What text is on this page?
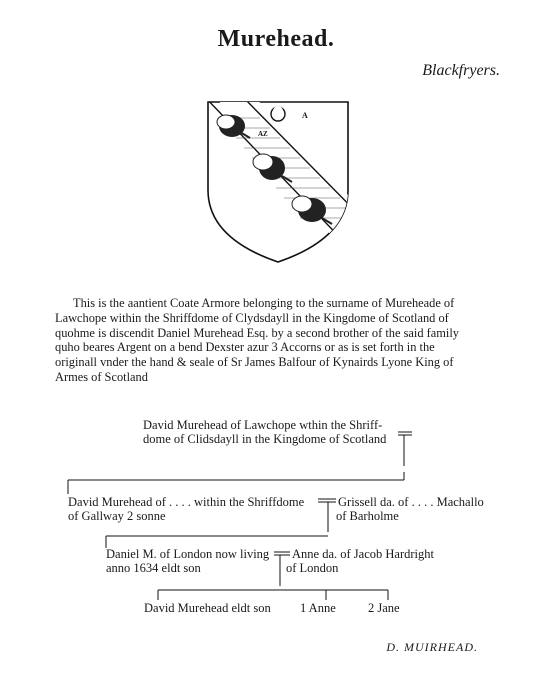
Murehead.
Blackfryers.
A
AZ

This is the aantient Coate Armore belonging to the surname of Mureheade of

Lawchope within the Shriffdome of Clydsdayll in the Kingdome of Scotland of
quohme is discendit Daniel Murehead Esq. by a second brother of the said family
quho beares Argent on a bend Dexster azur 3 Accorns or as is set forth in the
originall vnder the hand & seale of Sr James Balfour of Kynairds Lyone King of
Armes of Scotland
David Murehead of Lawchope wthin the Shriff-
dome of Clidsdayll in the Kingdome of Scotland
David Murehead of . . . . within the Shriffdome
of Gallway 2 sonne
Grissell da. of . . . . Machallo
of Barholme
Daniel M. of London now living
anno 1634 eldt son
Anne da. of Jacob Hardright
of London
David Murehead eldt son 1 Anne	2 Jane
D. MUIRHEAD.
